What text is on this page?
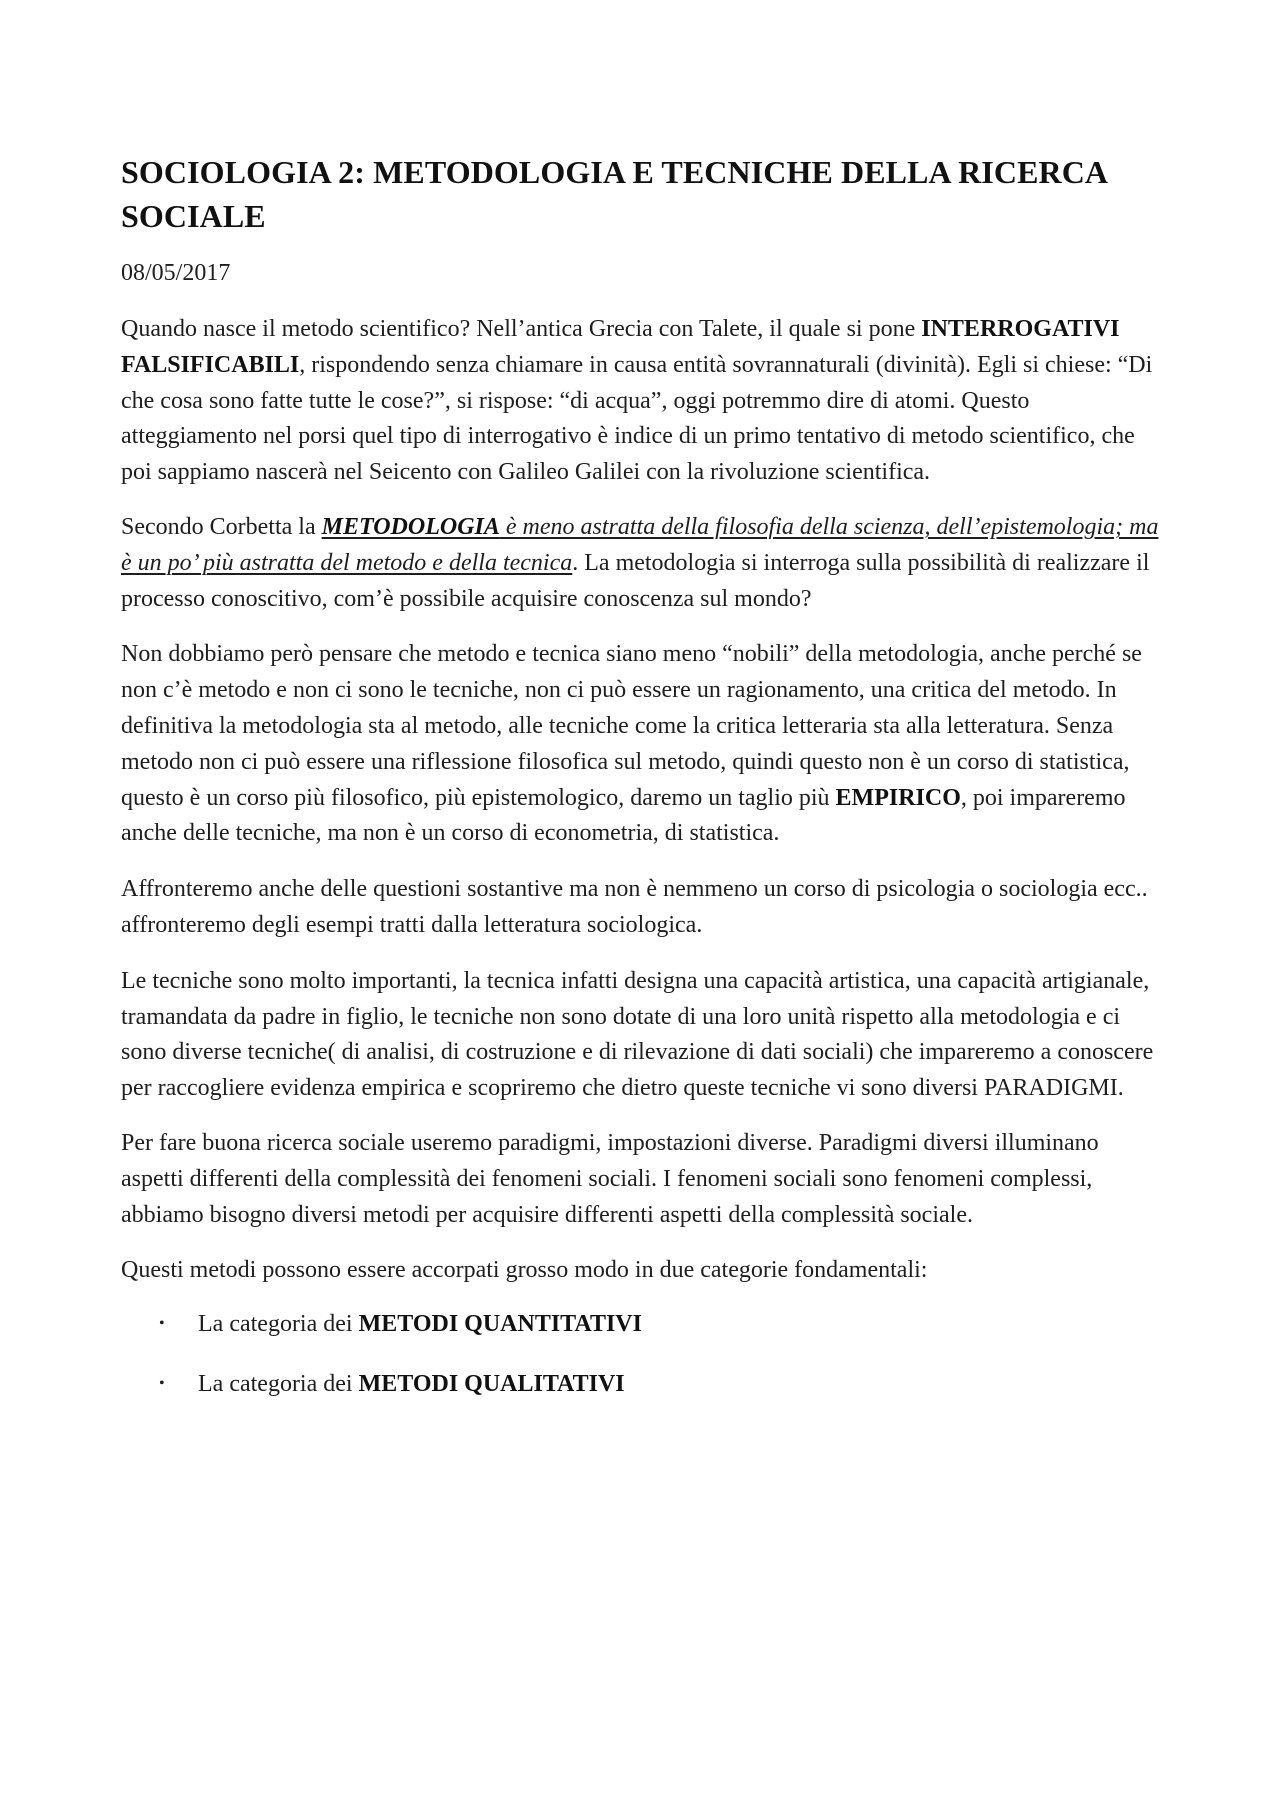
SOCIOLOGIA 2: METODOLOGIA E TECNICHE DELLA RICERCA SOCIALE
08/05/2017

Quando nasce il metodo scientifico? Nell’antica Grecia con Talete, il quale si pone INTERROGATIVI FALSIFICABILI, rispondendo senza chiamare in causa entità sovrannaturali (divinità). Egli si chiese: “Di che cosa sono fatte tutte le cose?”, si rispose: “di acqua”, oggi potremmo dire di atomi. Questo atteggiamento nel porsi quel tipo di interrogativo è indice di un primo tentativo di metodo scientifico, che poi sappiamo nascerà nel Seicento con Galileo Galilei con la rivoluzione scientifica.

Secondo Corbetta la METODOLOGIA è meno astratta della filosofia della scienza, dell’epistemologia; ma è un po’ più astratta del metodo e della tecnica. La metodologia si interroga sulla possibilità di realizzare il processo conoscitivo, com’è possibile acquisire conoscenza sul mondo?

Non dobbiamo però pensare che metodo e tecnica siano meno “nobili” della metodologia, anche perché se non c’è metodo e non ci sono le tecniche, non ci può essere un ragionamento, una critica del metodo. In definitiva la metodologia sta al metodo, alle tecniche come la critica letteraria sta alla letteratura. Senza metodo non ci può essere una riflessione filosofica sul metodo, quindi questo non è un corso di statistica, questo è un corso più filosofico, più epistemologico, daremo un taglio più EMPIRICO, poi impareremo anche delle tecniche, ma non è un corso di econometria, di statistica.

Affronteremo anche delle questioni sostantive ma non è nemmeno un corso di psicologia o sociologia ecc.. affronteremo degli esempi tratti dalla letteratura sociologica.

Le tecniche sono molto importanti, la tecnica infatti designa una capacità artistica, una capacità artigianale, tramandata da padre in figlio, le tecniche non sono dotate di una loro unità rispetto alla metodologia e ci sono diverse tecniche( di analisi, di costruzione e di rilevazione di dati sociali) che impareremo a conoscere per raccogliere evidenza empirica e scopriremo che dietro queste tecniche vi sono diversi PARADIGMI.

Per fare buona ricerca sociale useremo paradigmi, impostazioni diverse. Paradigmi diversi illuminano aspetti differenti della complessità dei fenomeni sociali. I fenomeni sociali sono fenomeni complessi, abbiamo bisogno diversi metodi per acquisire differenti aspetti della complessità sociale.

Questi metodi possono essere accorpati grosso modo in due categorie fondamentali:

• La categoria dei METODI QUANTITATIVI
• La categoria dei METODI QUALITATIVI
